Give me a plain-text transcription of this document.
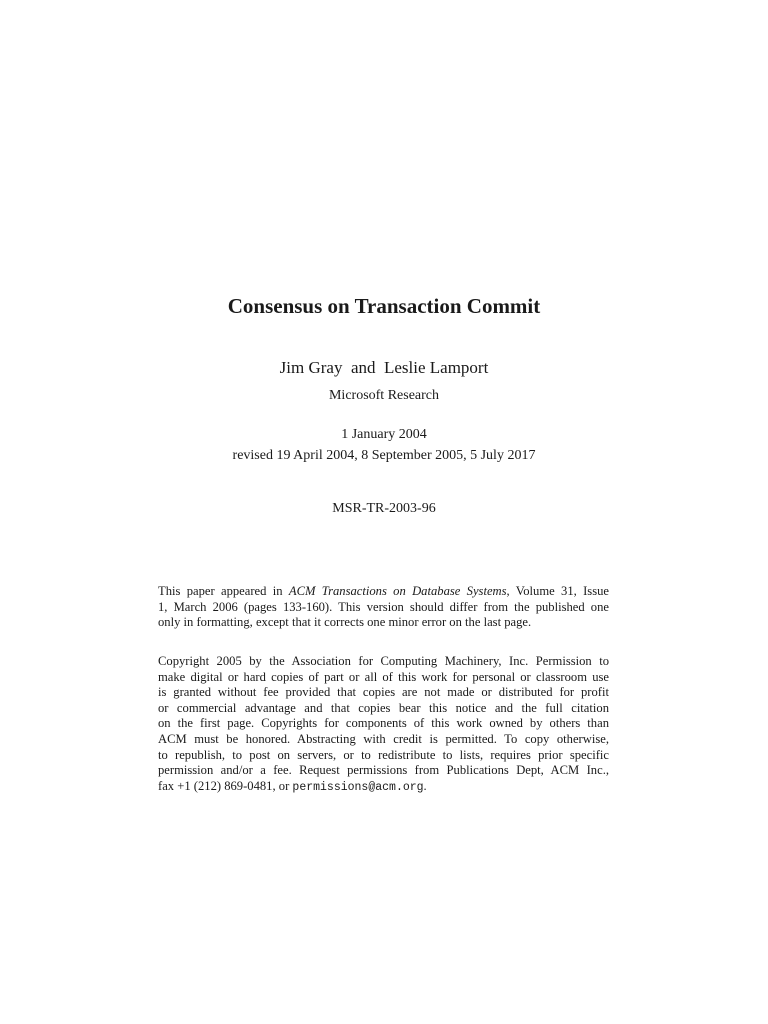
Consensus on Transaction Commit
Jim Gray  and  Leslie Lamport
Microsoft Research
1 January 2004
revised 19 April 2004, 8 September 2005, 5 July 2017
MSR-TR-2003-96
This paper appeared in ACM Transactions on Database Systems, Volume 31, Issue
1, March 2006 (pages 133-160). This version should differ from the published one
only in formatting, except that it corrects one minor error on the last page.
Copyright 2005 by the Association for Computing Machinery, Inc. Permission to
make digital or hard copies of part or all of this work for personal or classroom use
is granted without fee provided that copies are not made or distributed for profit
or commercial advantage and that copies bear this notice and the full citation
on the first page. Copyrights for components of this work owned by others than
ACM must be honored. Abstracting with credit is permitted. To copy otherwise,
to republish, to post on servers, or to redistribute to lists, requires prior specific
permission and/or a fee. Request permissions from Publications Dept, ACM Inc.,
fax +1 (212) 869-0481, or permissions@acm.org.
